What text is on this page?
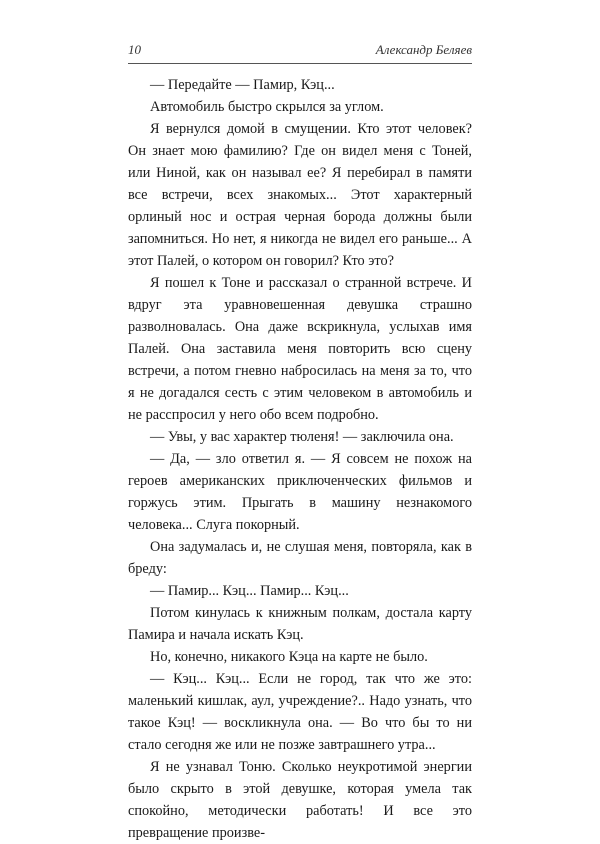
10	Александр Беляев

— Передайте — Памир, Кэц...

Автомобиль быстро скрылся за углом.

Я вернулся домой в смущении. Кто этот человек? Он знает мою фамилию? Где он видел меня с Тоней, или Ниной, как он называл ее? Я перебирал в памяти все встречи, всех знакомых... Этот характерный орлиный нос и острая черная борода должны были запомниться. Но нет, я никогда не видел его раньше... А этот Палей, о котором он говорил? Кто это?

Я пошел к Тоне и рассказал о странной встрече. И вдруг эта уравновешенная девушка страшно разволновалась. Она даже вскрикнула, услыхав имя Палей. Она заставила меня повторить всю сцену встречи, а потом гневно набросилась на меня за то, что я не догадался сесть с этим человеком в автомобиль и не расспросил у него обо всем подробно.

— Увы, у вас характер тюленя! — заключила она.

— Да, — зло ответил я. — Я совсем не похож на героев американских приключенческих фильмов и горжусь этим. Прыгать в машину незнакомого человека... Слуга покорный.

Она задумалась и, не слушая меня, повторяла, как в бреду:

— Памир... Кэц... Памир... Кэц...

Потом кинулась к книжным полкам, достала карту Памира и начала искать Кэц.

Но, конечно, никакого Кэца на карте не было.

— Кэц... Кэц... Если не город, так что же это: маленький кишлак, аул, учреждение?.. Надо узнать, что такое Кэц! — воскликнула она. — Во что бы то ни стало сегодня же или не позже завтрашнего утра...

Я не узнавал Тоню. Сколько неукротимой энергии было скрыто в этой девушке, которая умела так спокойно, методически работать! И все это превращение произве-
